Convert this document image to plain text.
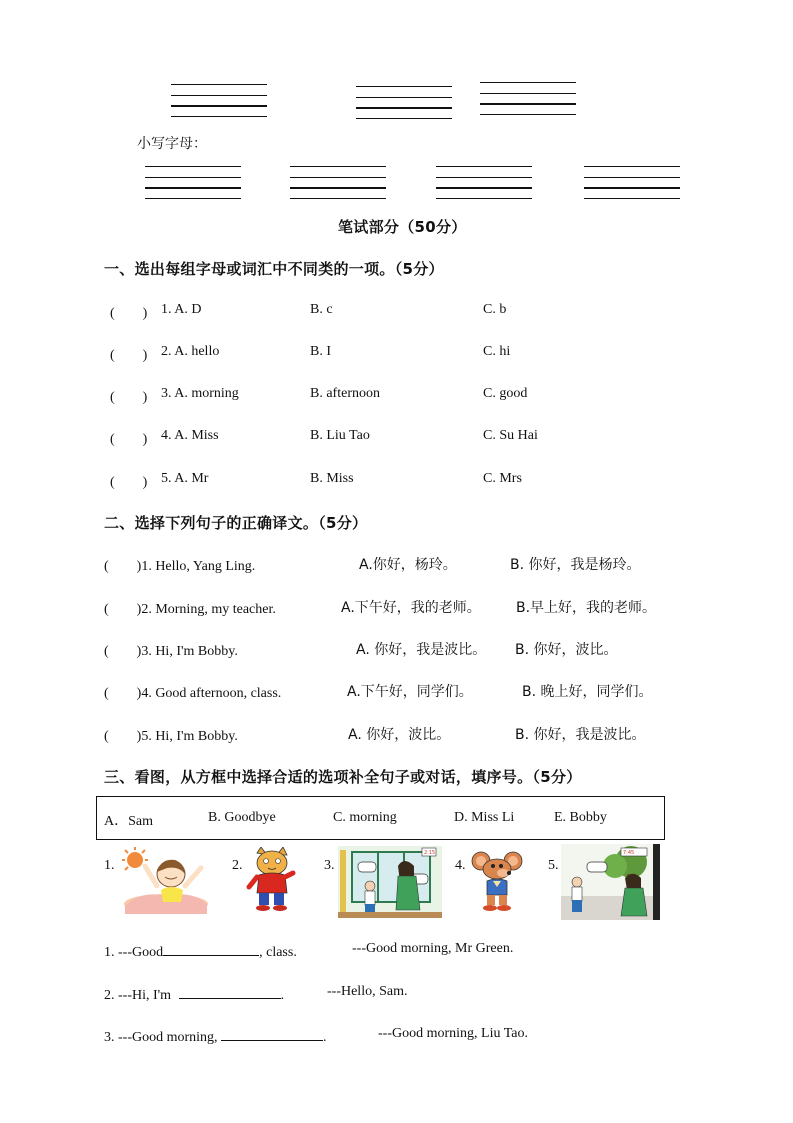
小写字母：
笔试部分（50分）
一、选出每组字母或词汇中不同类的一项。（5分）
(　　) 1. A. D	B. c	C. b
(　　) 2. A. hello	B. I	C. hi
(　　) 3. A. morning	B. afternoon	C. good
(　　) 4. A. Miss	B. Liu Tao	C. Su Hai
(　　) 5. A. Mr	B. Miss	C. Mrs
二、选择下列句子的正确译文。（5分）
(　　)1. Hello, Yang Ling.	A.你好，杨玲。	B. 你好，我是杨玲。
(　　)2. Morning, my teacher.	A.下午好，我的老师。	B.早上好，我的老师。
(　　)3. Hi, I'm Bobby.	A. 你好，我是波比。 B. 你好，波比。
(　　)4. Good afternoon, class.	A.下午好，同学们。	B. 晚上好，同学们。
(　　)5. Hi, I'm Bobby.	A. 你好，波比。	B. 你好，我是波比。
三、看图，从方框中选择合适的选项补全句子或对话，填序号。（5分）
A．Sam	B. Goodbye	C. morning	D. Miss Li	E. Bobby
1.	2.	3.	4.	5.
2:15	7:45
1. ---Good	, class.	---Good morning, Mr Green.
2. ---Hi, I'm	.	---Hello, Sam.
3. ---Good morning,	.	---Good morning, Liu Tao.
